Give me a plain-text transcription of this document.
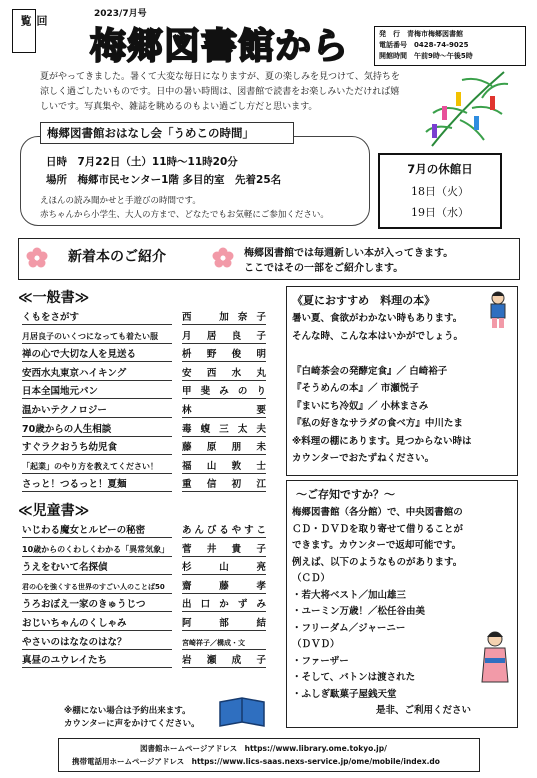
回覧
2023/7月号
梅郷図書館から	発　行　青梅市梅郷図書館
電話番号　0428-74-9025
開館時間　午前9時～午後5時
夏がやってきました。暑くて大変な毎日になりますが、夏の楽しみを見つけて、気持ちを涼しく過ごしたいものです。日中の暑い時間は、図書館で読書をお楽しみいただければ嬉しいです。写真集や、雑誌を眺めるのもよい過ごし方だと思います。
梅郷図書館おはなし会「うめこの時間」
日時　7月22日（土）11時～11時20分
場所　梅郷市民センター1階 多目的室　先着25名
えほんの読み聞かせと手遊びの時間です。
赤ちゃんから小学生、大人の方まで、どなたでもお気軽にご参加ください。
7月の休館日
18日（火）
19日（水）
新着本のご紹介	梅郷図書館では毎週新しい本が入ってきます。
ここではその一部をご紹介します。
≪一般書≫
くもをさがす	西　加奈子
月居良子のいくつになっても着たい服	月　居　良　子
禅の心で大切な人を見送る	枡　野　俊　明
安西水丸東京ハイキング	安　西　水　丸
日本全国地元パン	甲斐みのり
温かいテクノロジー	林　要
70歳からの人生相談	毒蝮三太夫
すぐラクおうち幼児食	藤　原　朋　未
「起業」のやり方を教えてください！	福　山　敦　士
さっと！つるっと！夏麺	重　信　初　江
≪児童書≫
いじわる魔女とルビーの秘密	あんびるやすこ
10歳からのくわしくわかる「異常気象」 菅　井　貴　子
うえをむいて名探偵	杉　山　亮
君の心を強くする世界のすごい人のことば50 齋　藤　孝
うろおぼえ一家のきゅうじつ	出口かずみ
おじいちゃんのくしゃみ	阿　部　結
やさいのはななのはな？	宮崎祥子／構成・文
真昼のユウレイたち	岩　瀬　成　子
※棚にない場合は予約出来ます。
カウンターに声をかけてください。
《夏におすすめ　料理の本》
暑い夏、食欲がわかない時もあります。
そんな時、こんな本はいかがでしょう。
『白崎茶会の発酵定食』／ 白崎裕子
『そうめんの本』／ 市瀬悦子
『まいにち冷奴』／ 小林まさみ
『私の好きなサラダの食べ方』中川たま
※料理の棚にあります。見つからない時は
カウンターでおたずねください。
～ご存知ですか？～
梅郷図書館（各分館）で、中央図書館の
ＣＤ・ＤＶＤを取り寄せて借りることが
できます。カウンターで返却可能です。
例えば、以下のようなものがあります。
（ＣＤ）
・若大将ベスト／加山雄三
・ユーミン万歳！／松任谷由美
・フリーダム／ジャーニー
（ＤＶＤ）
・ファーザー
・そして、バトンは渡された
・ふしぎ駄菓子屋銭天堂
是非、ご利用ください
図書館ホームページアドレス　https://www.library.ome.tokyo.jp/
携帯電話用ホームページアドレス　https://www.lics-saas.nexs-service.jp/ome/mobile/index.do
